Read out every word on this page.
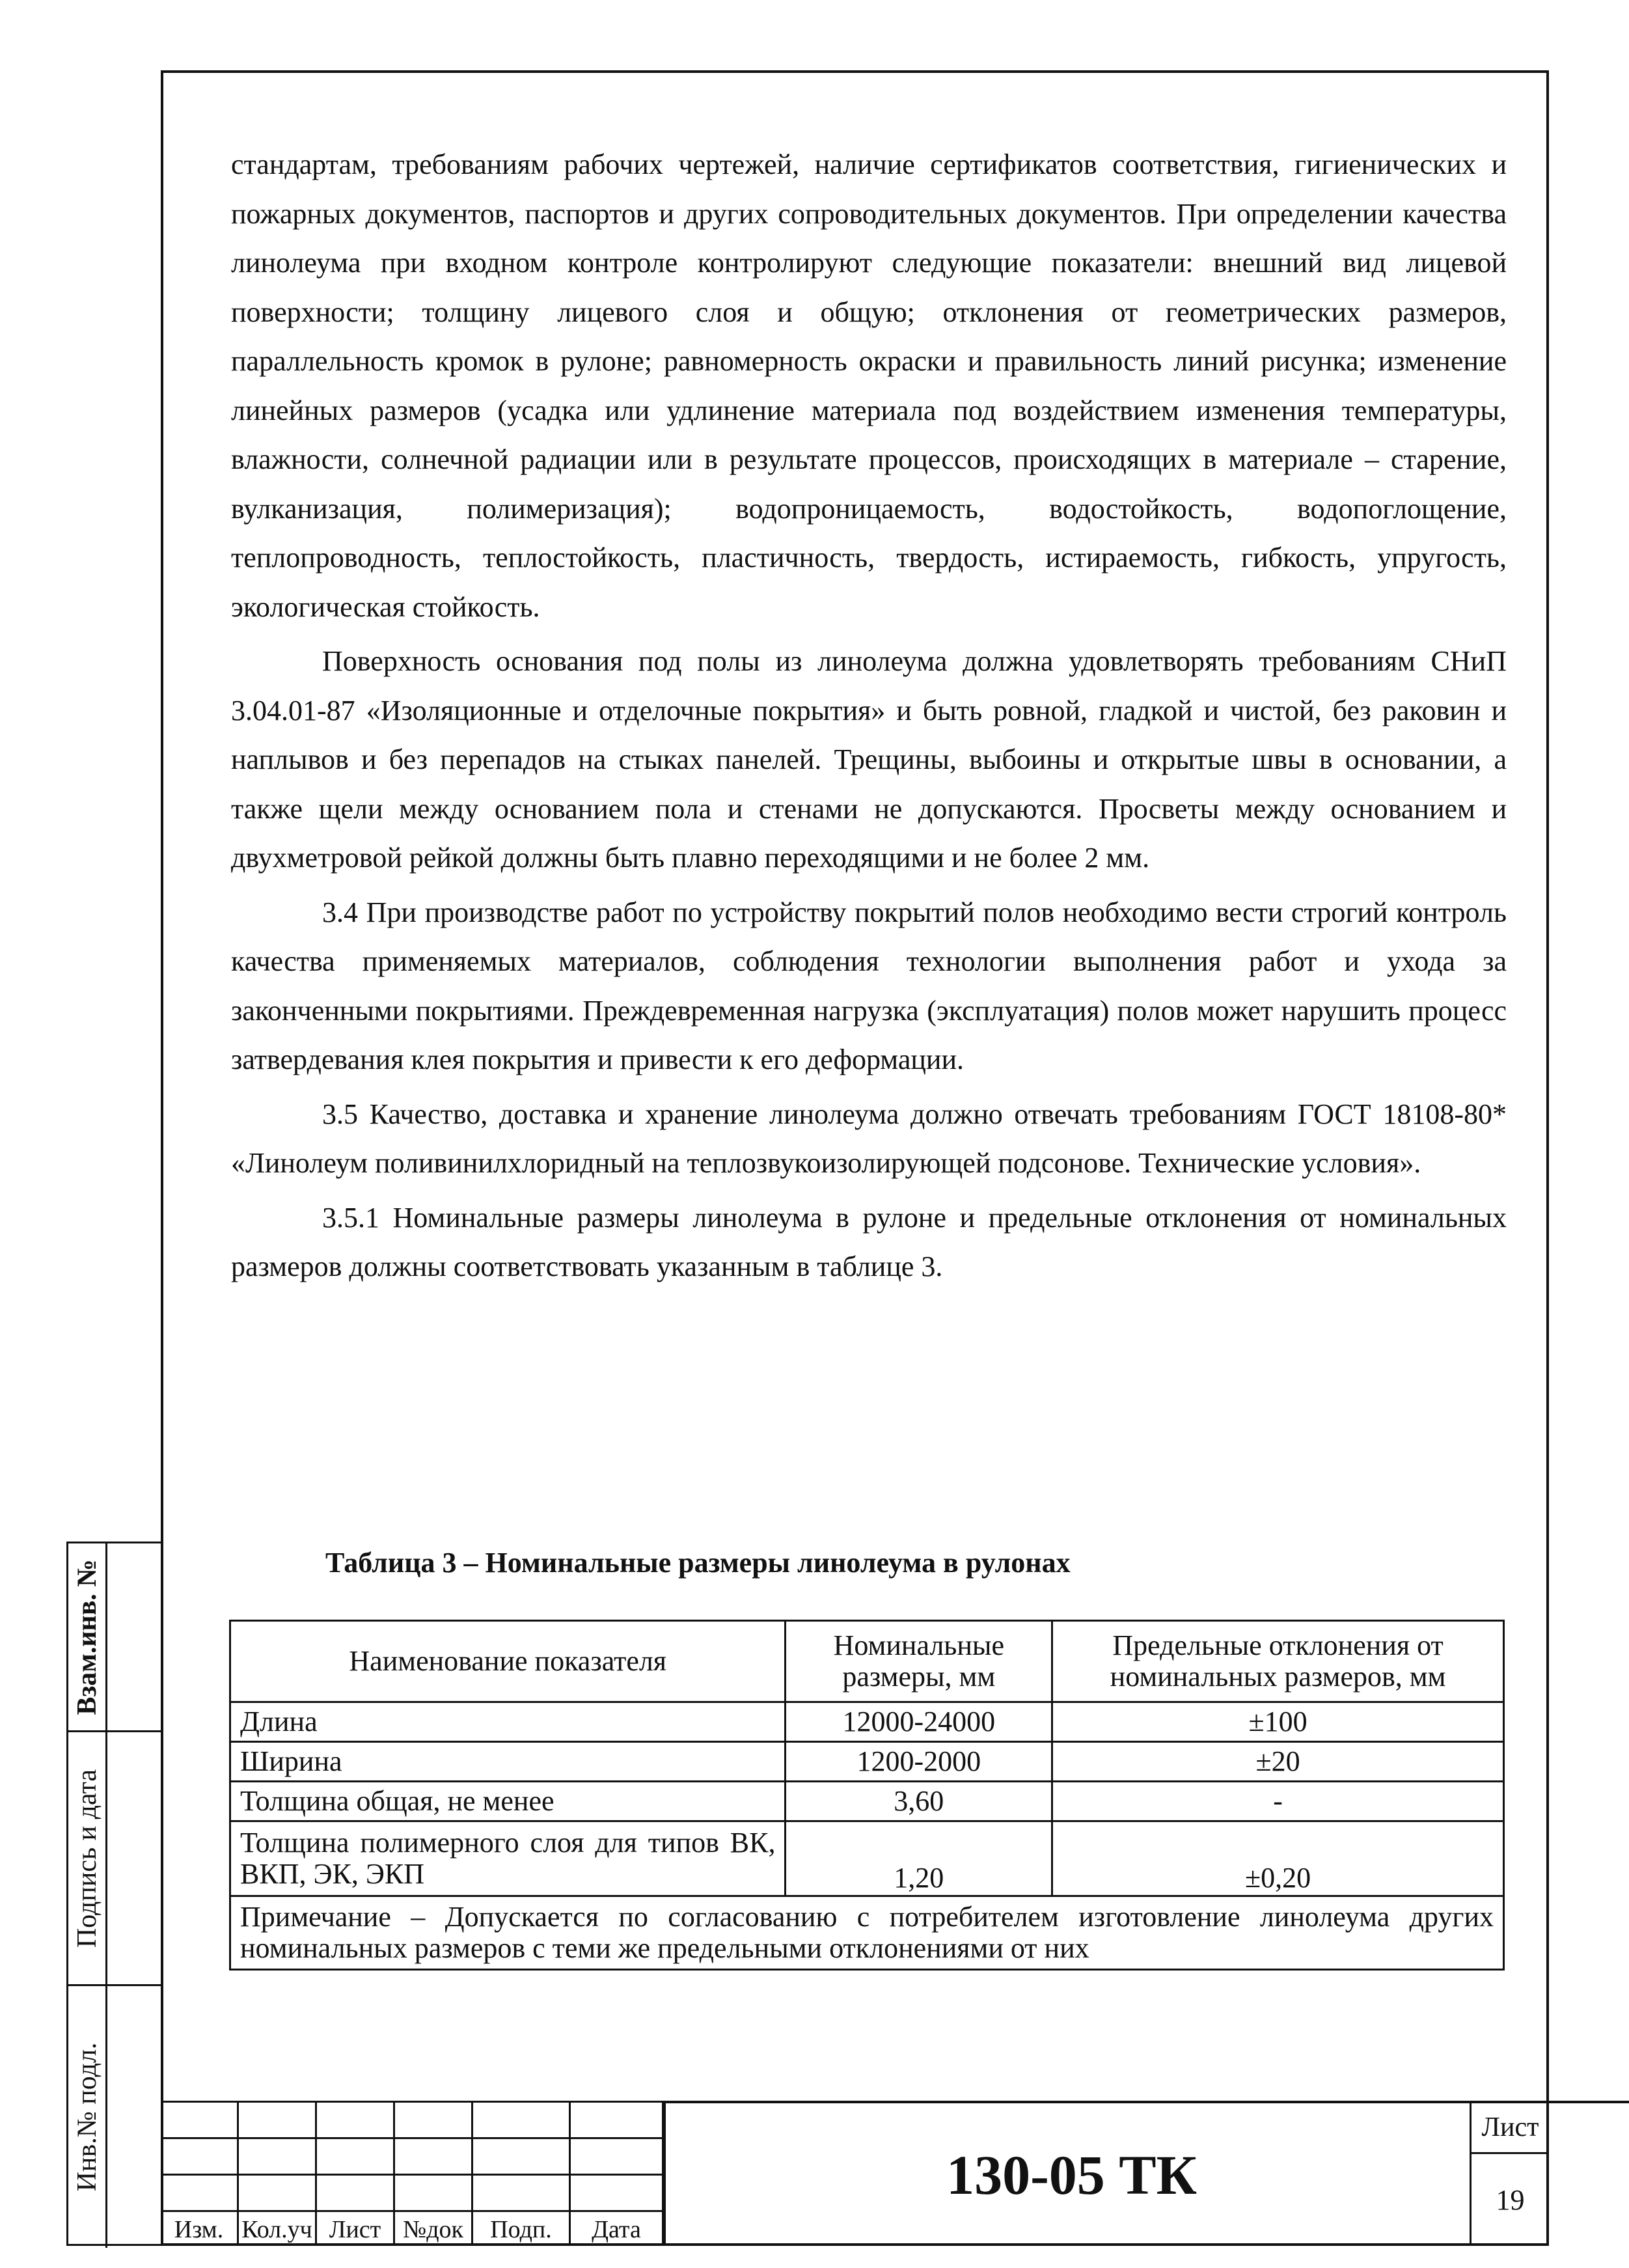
Взам.инв. №
Подпись и дата
Инв.№ подл.

стандартам, требованиям рабочих чертежей, наличие сертификатов соответствия, гигиенических и пожарных документов, паспортов и других сопроводительных документов. При определении качества линолеума при входном контроле контролируют следующие показатели: внешний вид лицевой поверхности; толщину лицевого слоя и общую; отклонения от геометрических размеров, параллельность кромок в рулоне; равномерность окраски и правильность линий рисунка; изменение линейных размеров (усадка или удлинение материала под воздействием изменения температуры, влажности, солнечной радиации или в результате процессов, происходящих в материале – старение, вулканизация, полимеризация); водопроницаемость, водостойкость, водопоглощение, теплопроводность, теплостойкость, пластичность, твердость, истираемость, гибкость, упругость, экологическая стойкость.

Поверхность основания под полы из линолеума должна удовлетворять требованиям СНиП 3.04.01-87 «Изоляционные и отделочные покрытия» и быть ровной, гладкой и чистой, без раковин и наплывов и без перепадов на стыках панелей. Трещины, выбоины и открытые швы в основании, а также щели между основанием пола и стенами не допускаются. Просветы между основанием и двухметровой рейкой должны быть плавно переходящими и не более 2 мм.

3.4 При производстве работ по устройству покрытий полов необходимо вести строгий контроль качества применяемых материалов, соблюдения технологии выполнения работ и ухода за законченными покрытиями. Преждевременная нагрузка (эксплуатация) полов может нарушить процесс затвердевания клея покрытия и привести к его деформации.

3.5 Качество, доставка и хранение линолеума должно отвечать требованиям ГОСТ 18108-80* «Линолеум поливинилхлоридный на теплозвукоизолирующей подсонове. Технические условия».

3.5.1 Номинальные размеры линолеума в рулоне и предельные отклонения от номинальных размеров должны соответствовать указанным в таблице 3.

Таблица 3 – Номинальные размеры линолеума в рулонах
Наименование показателя	Номинальные размеры, мм	Предельные отклонения от номинальных размеров, мм
Длина	12000-24000	±100
Ширина	1200-2000	±20
Толщина общая, не менее	3,60	-
Толщина полимерного слоя для типов ВК, ВКП, ЭК, ЭКП	1,20	±0,20
Примечание – Допускается по согласованию с потребителем изготовление линолеума других номинальных размеров с теми же предельными отклонениями от них		
Изм. Кол.уч Лист №док	Подп.	Дата
130-05 ТК
Лист
19
